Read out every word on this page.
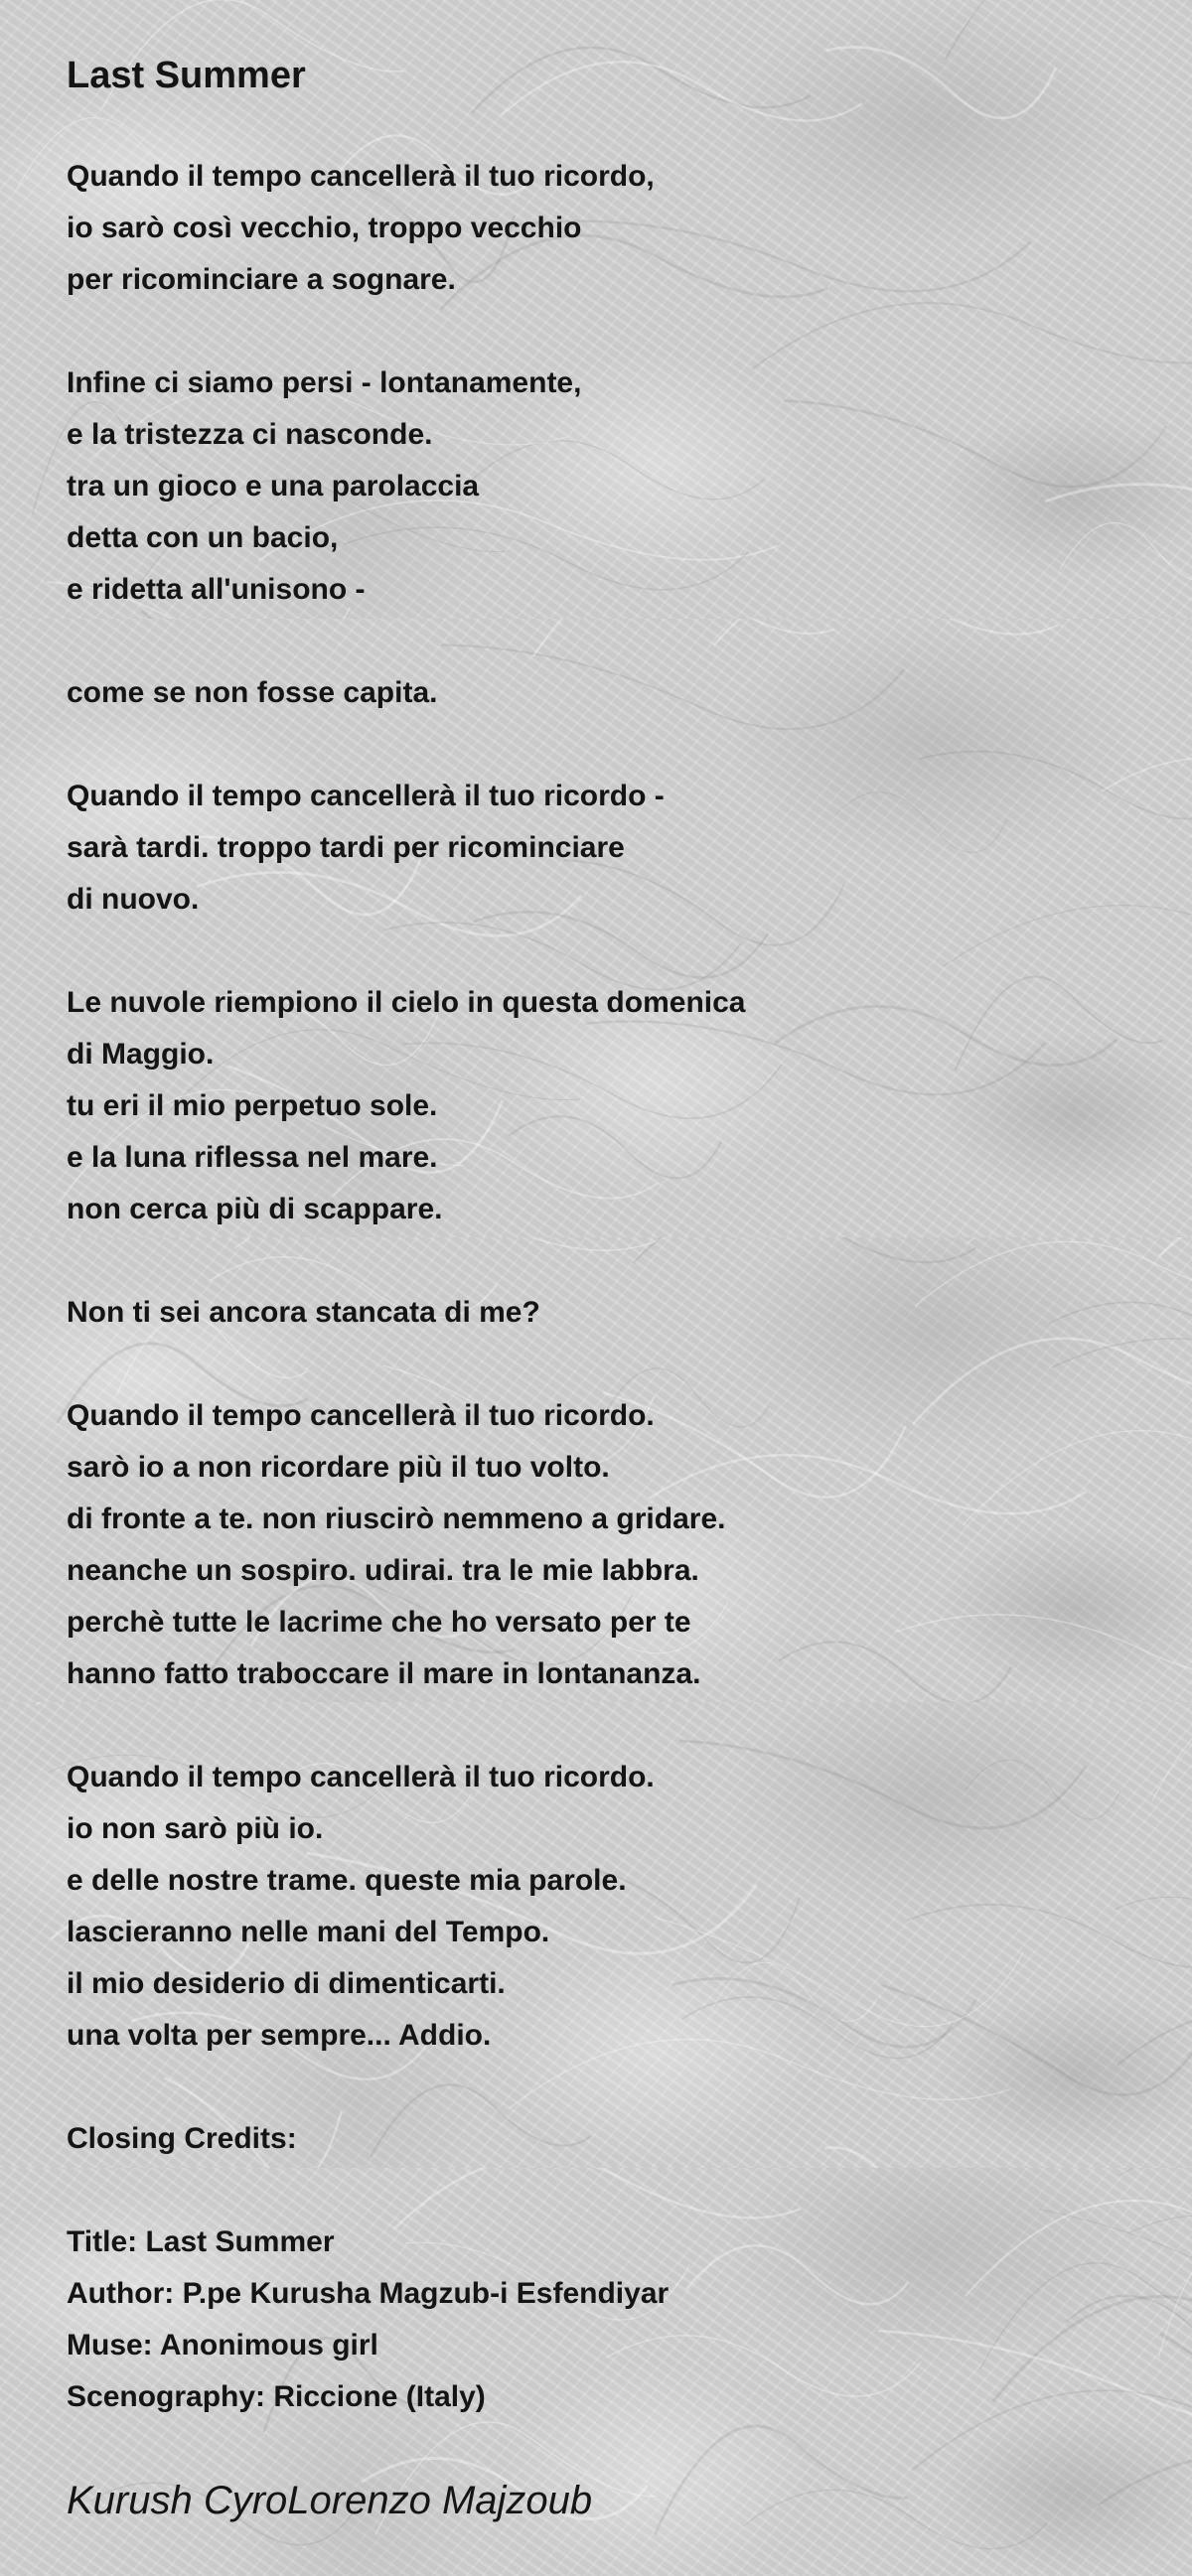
Last Summer
Quando il tempo cancellerà il tuo ricordo,
io sarò così vecchio, troppo vecchio
per ricominciare a sognare.
Infine ci siamo persi - lontanamente,
e la tristezza ci nasconde.
tra un gioco e una parolaccia
detta con un bacio,
e ridetta all'unisono -
come se non fosse capita.
Quando il tempo cancellerà il tuo ricordo -
sarà tardi. troppo tardi per ricominciare
di nuovo.
Le nuvole riempiono il cielo in questa domenica
di Maggio.
tu eri il mio perpetuo sole.
e la luna riflessa nel mare.
non cerca più di scappare.
Non ti sei ancora stancata di me?
Quando il tempo cancellerà il tuo ricordo.
sarò io a non ricordare più il tuo volto.
di fronte a te. non riuscirò nemmeno a gridare.
neanche un sospiro. udirai. tra le mie labbra.
perchè tutte le lacrime che ho versato per te
hanno fatto traboccare il mare in lontananza.
Quando il tempo cancellerà il tuo ricordo.
io non sarò più io.
e delle nostre trame. queste mia parole.
lascieranno nelle mani del Tempo.
il mio desiderio di dimenticarti.
una volta per sempre... Addio.
Closing Credits:
Title: Last Summer
Author: P.pe Kurusha Magzub-i Esfendiyar
Muse: Anonimous girl
Scenography: Riccione (Italy)
Kurush CyroLorenzo Majzoub
